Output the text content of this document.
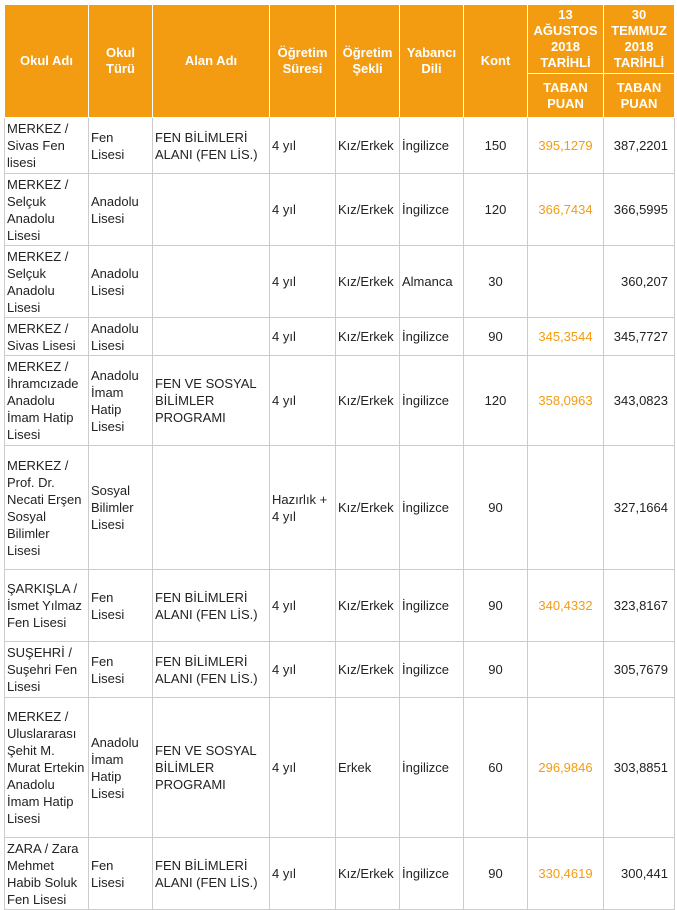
Okul Adı	Okul Türü	Alan Adı	Öğretim Süresi	Öğretim Şekli	Yabancı Dili	Kont	13 AĞUSTOS 2018 TARİHLİ	30 TEMMUZ 2018 TARİHLİ
							TABAN PUAN	TABAN PUAN
MERKEZ / Sivas Fen lisesi	Fen Lisesi	FEN BİLİMLERİ ALANI (FEN LİS.)	4 yıl	Kız/Erkek	İngilizce	150	395,1279	387,2201
MERKEZ / Selçuk Anadolu Lisesi	Anadolu Lisesi		4 yıl	Kız/Erkek	İngilizce	120	366,7434	366,5995
MERKEZ / Selçuk Anadolu Lisesi	Anadolu Lisesi		4 yıl	Kız/Erkek	Almanca	30		360,207
MERKEZ / Sivas Lisesi	Anadolu Lisesi		4 yıl	Kız/Erkek	İngilizce	90	345,3544	345,7727
MERKEZ / İhramcızade Anadolu İmam Hatip Lisesi	Anadolu İmam Hatip Lisesi	FEN VE SOSYAL BİLİMLER PROGRAMI	4 yıl	Kız/Erkek	İngilizce	120	358,0963	343,0823
MERKEZ / Prof. Dr. Necati Erşen Sosyal Bilimler Lisesi	Sosyal Bilimler Lisesi		Hazırlık + 4 yıl	Kız/Erkek	İngilizce	90		327,1664
ŞARKIŞLA / İsmet Yılmaz Fen Lisesi	Fen Lisesi	FEN BİLİMLERİ ALANI (FEN LİS.)	4 yıl	Kız/Erkek	İngilizce	90	340,4332	323,8167
SUŞEHRİ / Suşehri Fen Lisesi	Fen Lisesi	FEN BİLİMLERİ ALANI (FEN LİS.)	4 yıl	Kız/Erkek	İngilizce	90		305,7679
MERKEZ / Uluslararası Şehit M. Murat Ertekin Anadolu İmam Hatip Lisesi	Anadolu İmam Hatip Lisesi	FEN VE SOSYAL BİLİMLER PROGRAMI	4 yıl	Erkek	İngilizce	60	296,9846	303,8851
ZARA / Zara Mehmet Habib Soluk Fen Lisesi	Fen Lisesi	FEN BİLİMLERİ ALANI (FEN LİS.)	4 yıl	Kız/Erkek	İngilizce	90	330,4619	300,441
